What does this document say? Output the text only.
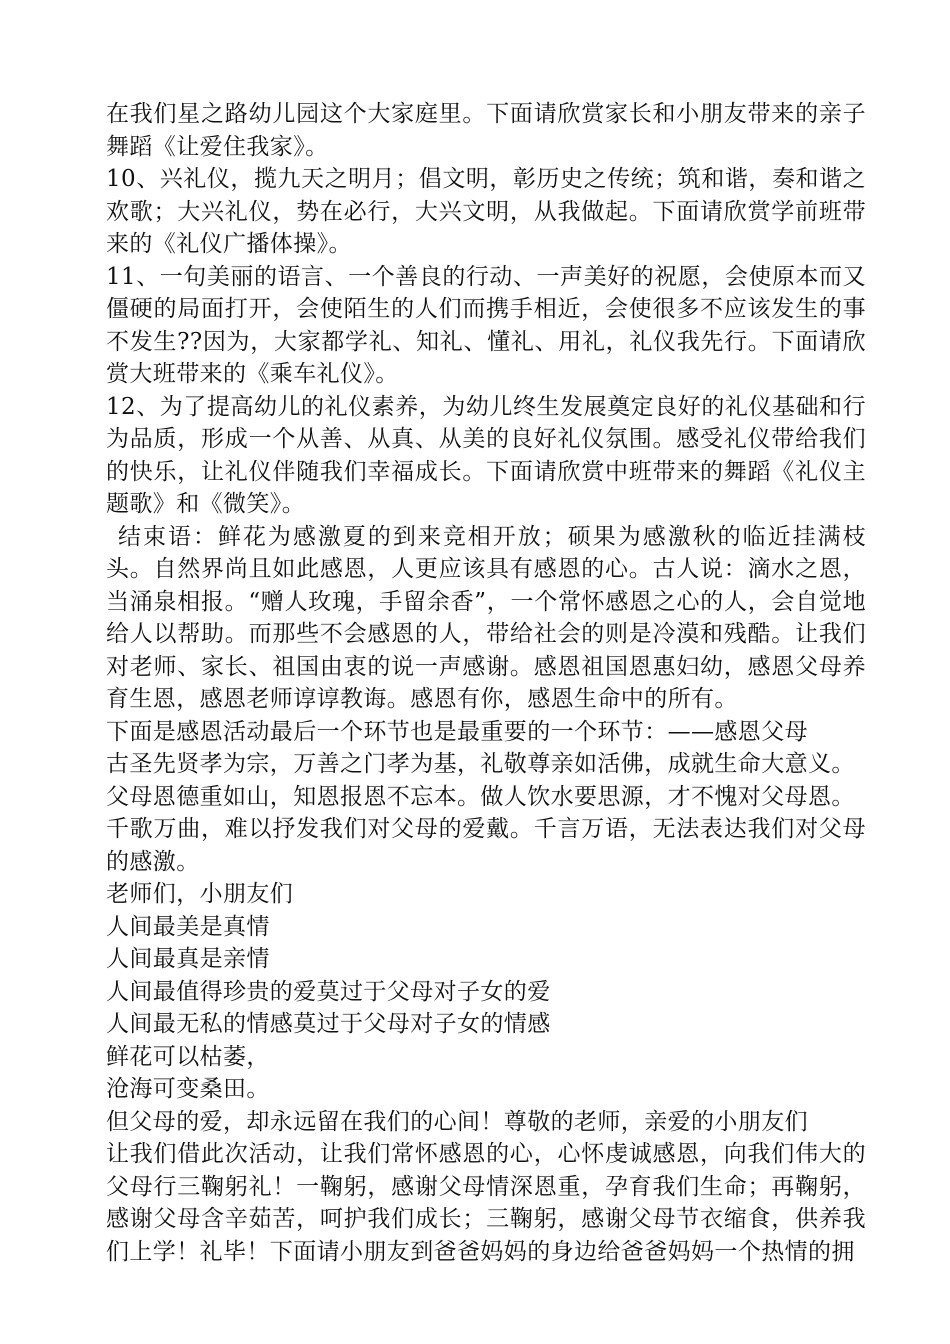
在我们星之路幼儿园这个大家庭里。下面请欣赏家长和小朋友带来的亲子舞蹈《让爱住我家》。

10、兴礼仪，揽九天之明月；倡文明，彰历史之传统；筑和谐，奏和谐之欢歌；大兴礼仪，势在必行，大兴文明，从我做起。下面请欣赏学前班带来的《礼仪广播体操》。

11、一句美丽的语言、一个善良的行动、一声美好的祝愿，会使原本而又僵硬的局面打开，会使陌生的人们而携手相近，会使很多不应该发生的事不发生??因为，大家都学礼、知礼、懂礼、用礼，礼仪我先行。下面请欣赏大班带来的《乘车礼仪》。

12、为了提高幼儿的礼仪素养，为幼儿终生发展奠定良好的礼仪基础和行为品质，形成一个从善、从真、从美的良好礼仪氛围。感受礼仪带给我们的快乐，让礼仪伴随我们幸福成长。下面请欣赏中班带来的舞蹈《礼仪主题歌》和《微笑》。

结束语：鲜花为感激夏的到来竞相开放；硕果为感激秋的临近挂满枝头。自然界尚且如此感恩，人更应该具有感恩的心。古人说：滴水之恩，当涌泉相报。“赠人玫瑰，手留余香”，一个常怀感恩之心的人，会自觉地给人以帮助。而那些不会感恩的人，带给社会的则是冷漠和残酷。让我们对老师、家长、祖国由衷的说一声感谢。感恩祖国恩惠妇幼，感恩父母养育生恩，感恩老师谆谆教诲。感恩有你，感恩生命中的所有。

下面是感恩活动最后一个环节也是最重要的一个环节：——感恩父母

古圣先贤孝为宗，万善之门孝为基，礼敬尊亲如活佛，成就生命大意义。

父母恩德重如山，知恩报恩不忘本。做人饮水要思源，才不愧对父母恩。

千歌万曲，难以抒发我们对父母的爱戴。千言万语，无法表达我们对父母的感激。

老师们，小朋友们

人间最美是真情

人间最真是亲情

人间最值得珍贵的爱莫过于父母对子女的爱

人间最无私的情感莫过于父母对子女的情感

鲜花可以枯萎，

沧海可变桑田。

但父母的爱，却永远留在我们的心间！尊敬的老师，亲爱的小朋友们

让我们借此次活动，让我们常怀感恩的心，心怀虔诚感恩，向我们伟大的父母行三鞠躬礼！一鞠躬，感谢父母情深恩重，孕育我们生命；再鞠躬，感谢父母含辛茹苦，呵护我们成长；三鞠躬，感谢父母节衣缩食，供养我们上学！礼毕！下面请小朋友到爸爸妈妈的身边给爸爸妈妈一个热情的拥
